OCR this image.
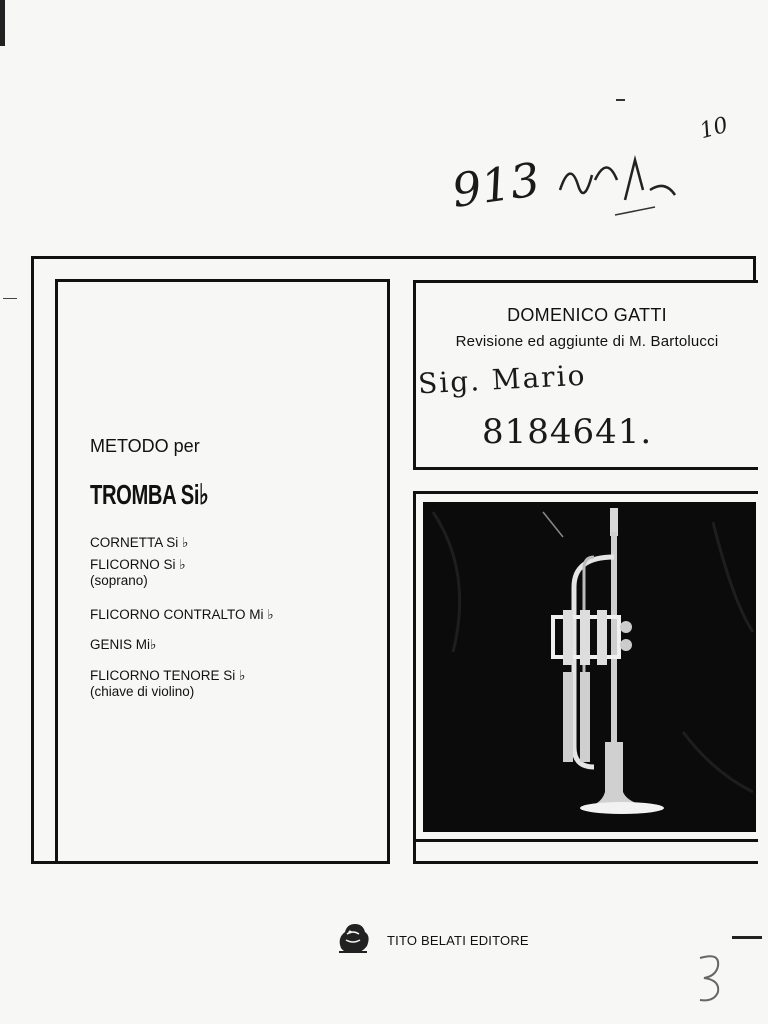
913
10
DOMENICO GATTI
Revisione ed aggiunte di M. Bartolucci
Sig. Mario
8184641.
METODO per
TROMBA Si♭
CORNETTA Si ♭
FLICORNO Si ♭
(soprano)
FLICORNO CONTRALTO Mi ♭
GENIS Mi♭
FLICORNO TENORE Si ♭
(chiave di violino)
TITO BELATI EDITORE
